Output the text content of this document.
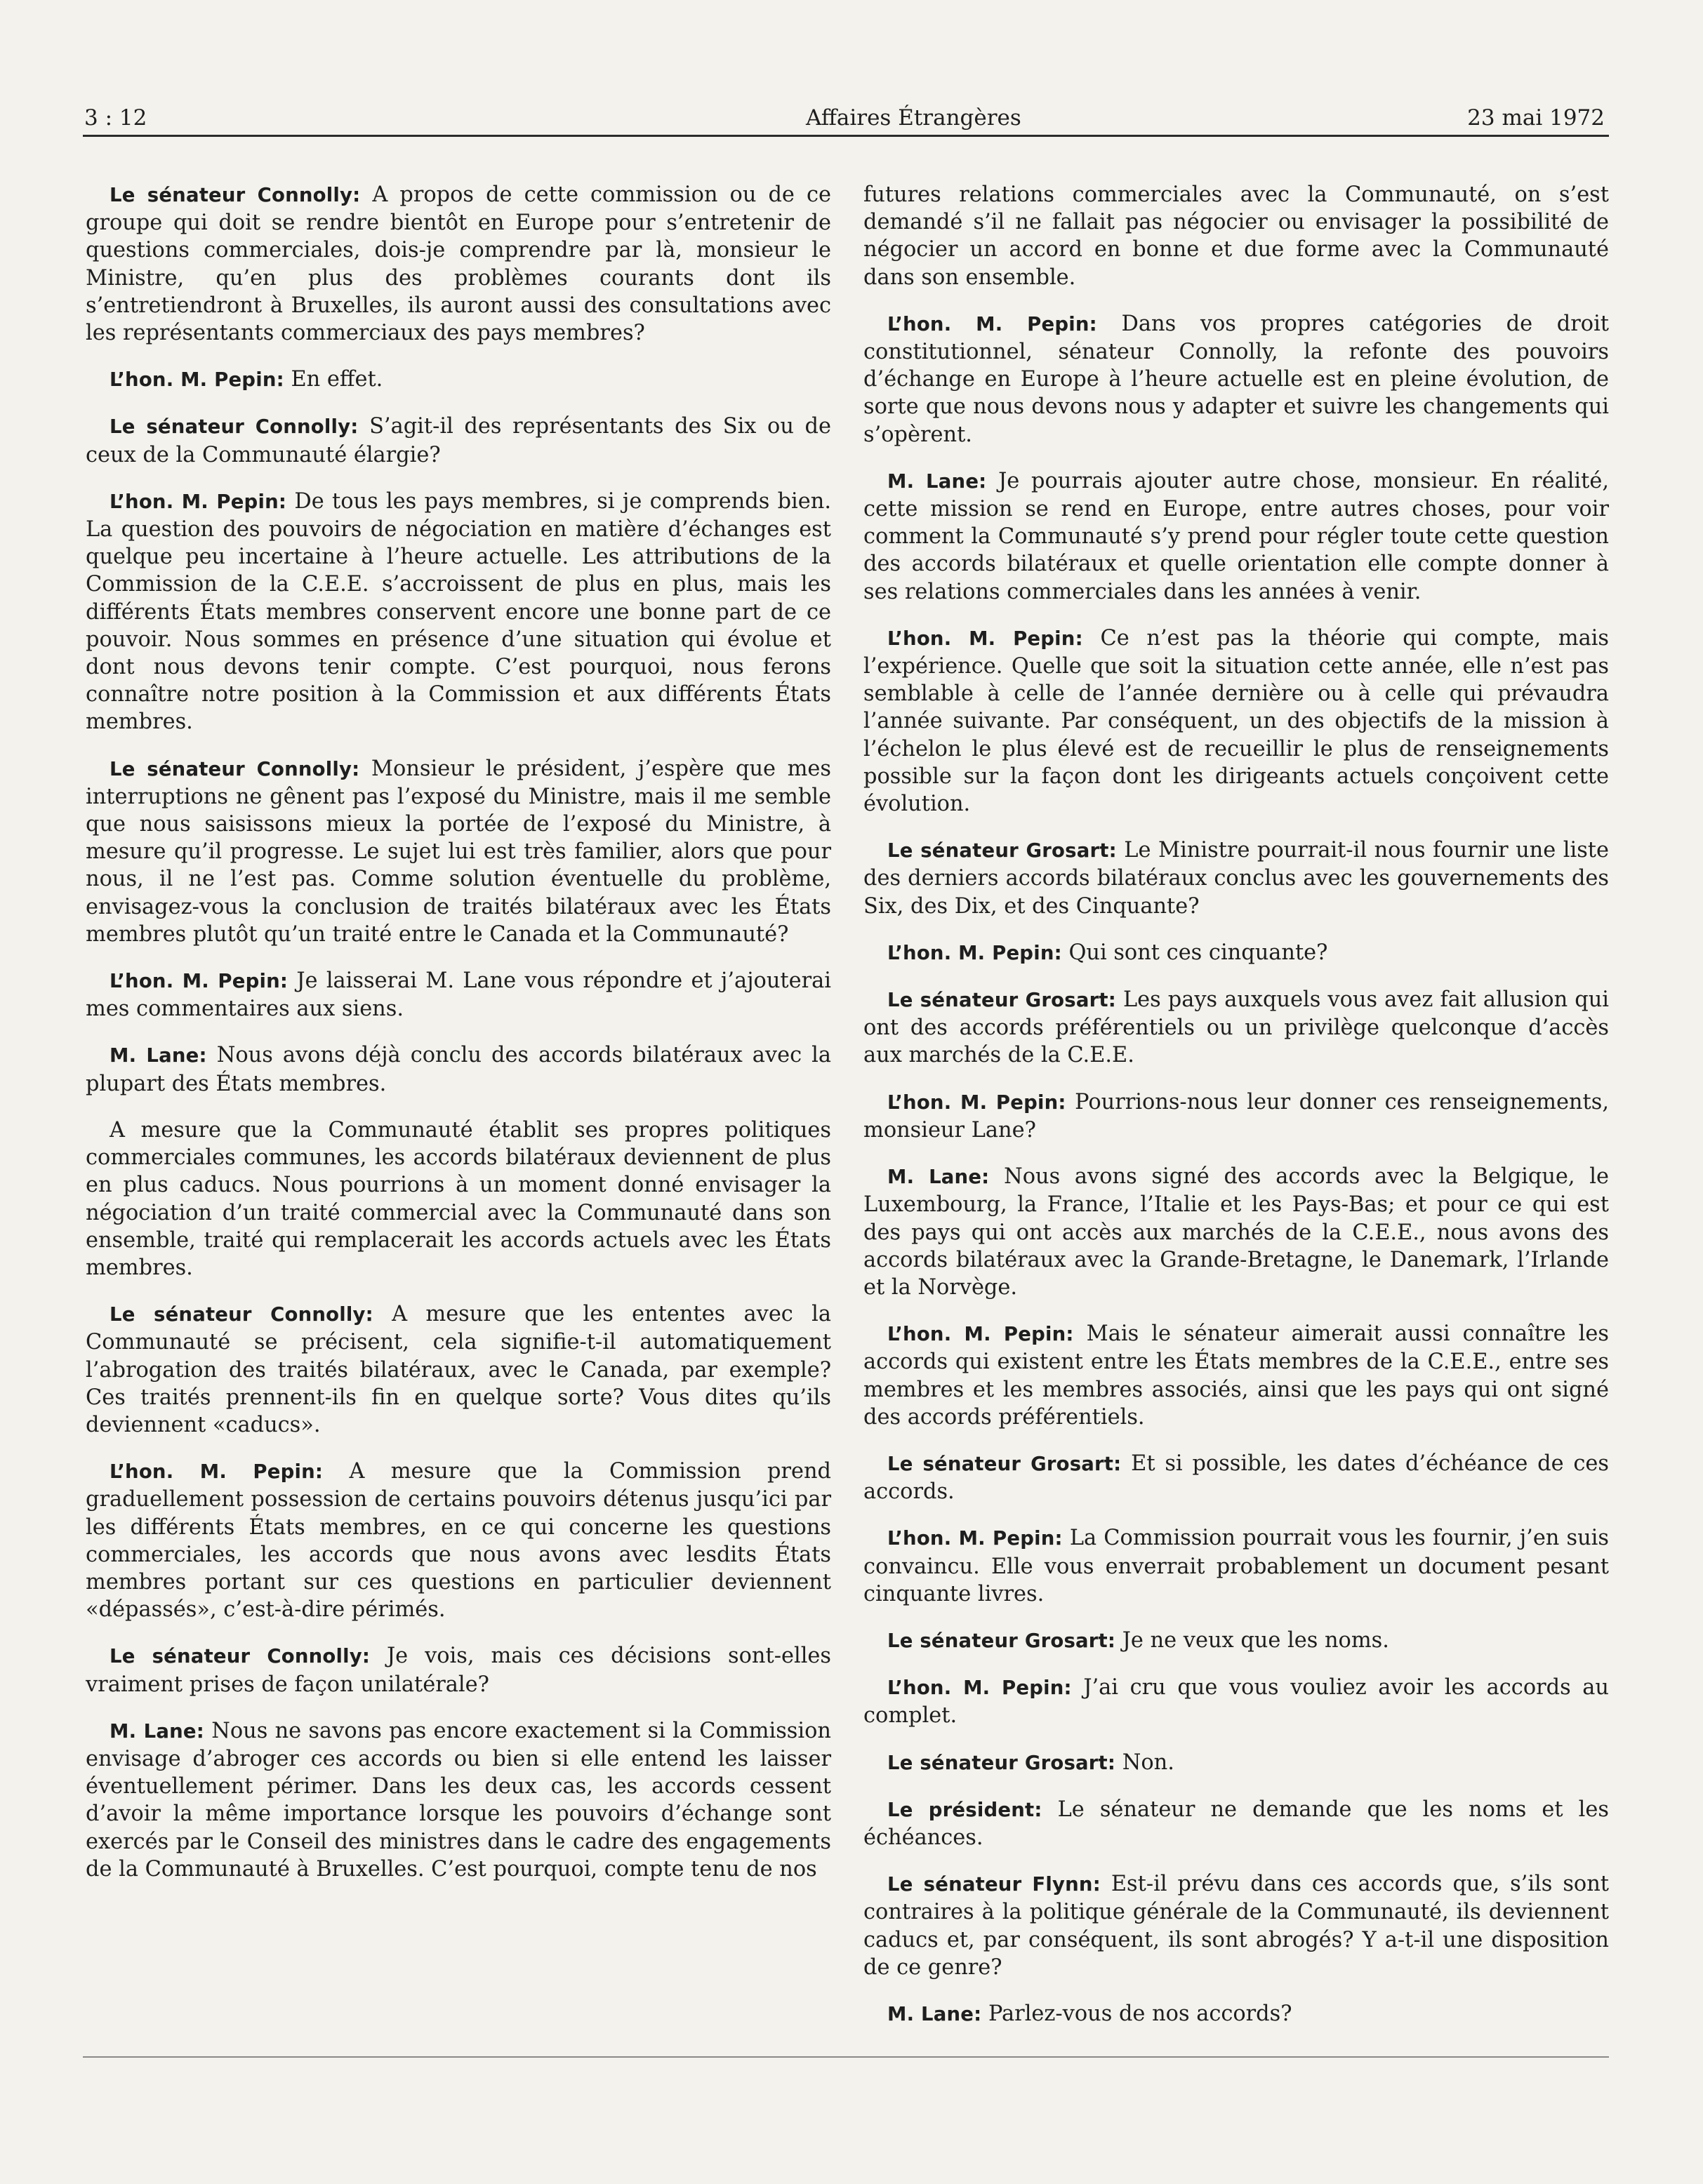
3 : 12	Affaires Étrangères	23 mai 1972

Le sénateur Connolly: A propos de cette commission ou de ce groupe qui doit se rendre bientôt en Europe pour s’entretenir de questions commerciales, dois-je comprendre par là, monsieur le Ministre, qu’en plus des problèmes courants dont ils s’entretiendront à Bruxelles, ils auront aussi des consultations avec les représentants commerciaux des pays membres?

L’hon. M. Pepin: En effet.

Le sénateur Connolly: S’agit-il des représentants des Six ou de ceux de la Communauté élargie?

L’hon. M. Pepin: De tous les pays membres, si je comprends bien. La question des pouvoirs de négociation en matière d’échanges est quelque peu incertaine à l’heure actuelle. Les attributions de la Commission de la C.E.E. s’accroissent de plus en plus, mais les différents États membres conservent encore une bonne part de ce pouvoir. Nous sommes en présence d’une situation qui évolue et dont nous devons tenir compte. C’est pourquoi, nous ferons connaître notre position à la Commission et aux différents États membres.

Le sénateur Connolly: Monsieur le président, j’espère que mes interruptions ne gênent pas l’exposé du Ministre, mais il me semble que nous saisissons mieux la portée de l’exposé du Ministre, à mesure qu’il progresse. Le sujet lui est très familier, alors que pour nous, il ne l’est pas. Comme solution éventuelle du problème, envisagez-vous la conclusion de traités bilatéraux avec les États membres plutôt qu’un traité entre le Canada et la Communauté?

L’hon. M. Pepin: Je laisserai M. Lane vous répondre et j’ajouterai mes commentaires aux siens.

M. Lane: Nous avons déjà conclu des accords bilatéraux avec la plupart des États membres.

A mesure que la Communauté établit ses propres politiques commerciales communes, les accords bilatéraux deviennent de plus en plus caducs. Nous pourrions à un moment donné envisager la négociation d’un traité commercial avec la Communauté dans son ensemble, traité qui remplacerait les accords actuels avec les États membres.

Le sénateur Connolly: A mesure que les ententes avec la Communauté se précisent, cela signifie-t-il automatiquement l’abrogation des traités bilatéraux, avec le Canada, par exemple? Ces traités prennent-ils fin en quelque sorte? Vous dites qu’ils deviennent «caducs».

L’hon. M. Pepin: A mesure que la Commission prend graduellement possession de certains pouvoirs détenus jusqu’ici par les différents États membres, en ce qui concerne les questions commerciales, les accords que nous avons avec lesdits États membres portant sur ces questions en particulier deviennent «dépassés», c’est-à-dire périmés.

Le sénateur Connolly: Je vois, mais ces décisions sont-elles vraiment prises de façon unilatérale?

M. Lane: Nous ne savons pas encore exactement si la Commission envisage d’abroger ces accords ou bien si elle entend les laisser éventuellement périmer. Dans les deux cas, les accords cessent d’avoir la même importance lorsque les pouvoirs d’échange sont exercés par le Conseil des ministres dans le cadre des engagements de la Communauté à Bruxelles. C’est pourquoi, compte tenu de nos

futures relations commerciales avec la Communauté, on s’est demandé s’il ne fallait pas négocier ou envisager la possibilité de négocier un accord en bonne et due forme avec la Communauté dans son ensemble.

L’hon. M. Pepin: Dans vos propres catégories de droit constitutionnel, sénateur Connolly, la refonte des pouvoirs d’échange en Europe à l’heure actuelle est en pleine évolution, de sorte que nous devons nous y adapter et suivre les changements qui s’opèrent.

M. Lane: Je pourrais ajouter autre chose, monsieur. En réalité, cette mission se rend en Europe, entre autres choses, pour voir comment la Communauté s’y prend pour régler toute cette question des accords bilatéraux et quelle orientation elle compte donner à ses relations commerciales dans les années à venir.

L’hon. M. Pepin: Ce n’est pas la théorie qui compte, mais l’expérience. Quelle que soit la situation cette année, elle n’est pas semblable à celle de l’année dernière ou à celle qui prévaudra l’année suivante. Par conséquent, un des objectifs de la mission à l’échelon le plus élevé est de recueillir le plus de renseignements possible sur la façon dont les dirigeants actuels conçoivent cette évolution.

Le sénateur Grosart: Le Ministre pourrait-il nous fournir une liste des derniers accords bilatéraux conclus avec les gouvernements des Six, des Dix, et des Cinquante?

L’hon. M. Pepin: Qui sont ces cinquante?

Le sénateur Grosart: Les pays auxquels vous avez fait allusion qui ont des accords préférentiels ou un privilège quelconque d’accès aux marchés de la C.E.E.

L’hon. M. Pepin: Pourrions-nous leur donner ces renseignements, monsieur Lane?

M. Lane: Nous avons signé des accords avec la Belgique, le Luxembourg, la France, l’Italie et les Pays-Bas; et pour ce qui est des pays qui ont accès aux marchés de la C.E.E., nous avons des accords bilatéraux avec la Grande-Bretagne, le Danemark, l’Irlande et la Norvège.

L’hon. M. Pepin: Mais le sénateur aimerait aussi connaître les accords qui existent entre les États membres de la C.E.E., entre ses membres et les membres associés, ainsi que les pays qui ont signé des accords préférentiels.

Le sénateur Grosart: Et si possible, les dates d’échéance de ces accords.

L’hon. M. Pepin: La Commission pourrait vous les fournir, j’en suis convaincu. Elle vous enverrait probablement un document pesant cinquante livres.

Le sénateur Grosart: Je ne veux que les noms.

L’hon. M. Pepin: J’ai cru que vous vouliez avoir les accords au complet.

Le sénateur Grosart: Non.

Le président: Le sénateur ne demande que les noms et les échéances.

Le sénateur Flynn: Est-il prévu dans ces accords que, s’ils sont contraires à la politique générale de la Communauté, ils deviennent caducs et, par conséquent, ils sont abrogés? Y a-t-il une disposition de ce genre?

M. Lane: Parlez-vous de nos accords?
